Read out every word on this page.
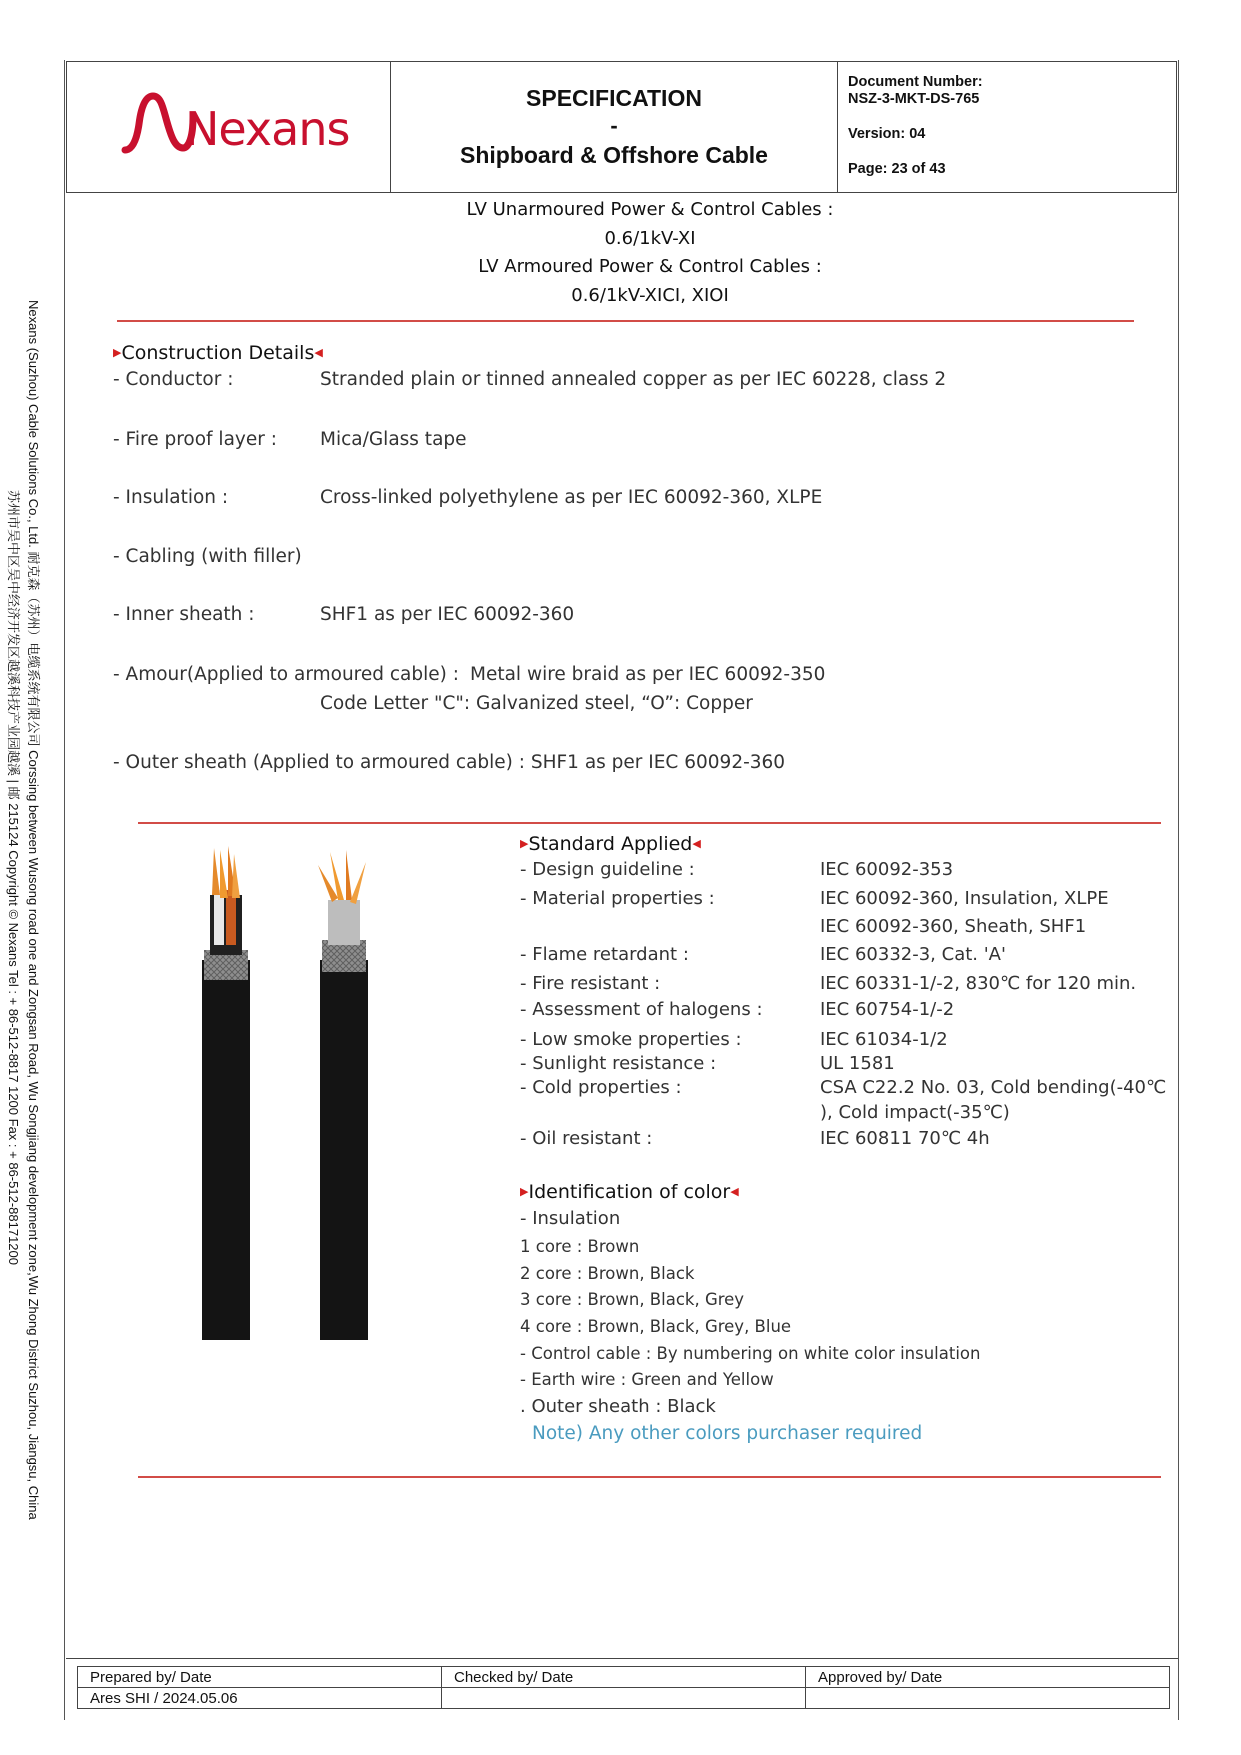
Nexans
SPECIFICATION
-
Shipboard & Offshore Cable
Document Number:
NSZ-3-MKT-DS-765
Version: 04
Page: 23 of 43
Nexans (Suzhou) Cable Solutions Co., Ltd. 耐克森（苏州）电缆系统有限公司 Corssing between Wusong road one and Zongsan Road, Wu Songjiang development zone,Wu Zhong District Suzhou, Jiangsu, China
苏州市吴中区吴中经济开发区越溪科技产业园越溪 | 邮 215124 Copyright © Nexans Tel : + 86-512-8817 1200 Fax : + 86-512-88171200
LV Unarmoured Power & Control Cables :
0.6/1kV-XI
LV Armoured Power & Control Cables :
0.6/1kV-XICI, XIOI
▶Construction Details◀
- Conductor :	Stranded plain or tinned annealed copper as per IEC 60228, class 2
- Fire proof layer : Mica/Glass tape
- Insulation :	Cross-linked polyethylene as per IEC 60092-360, XLPE
- Cabling (with filler)
- Inner sheath :	SHF1 as per IEC 60092-360
- Amour(Applied to armoured cable) : Metal wire braid as per IEC 60092-350
Code Letter "C": Galvanized steel, “O”: Copper
- Outer sheath (Applied to armoured cable) : SHF1 as per IEC 60092-360
▶Standard Applied◀
- Design guideline :	IEC 60092-353
- Material properties :	IEC 60092-360, Insulation, XLPE
IEC 60092-360, Sheath, SHF1
- Flame retardant :	IEC 60332-3, Cat. 'A'
- Fire resistant :	IEC 60331-1/-2, 830℃ for 120 min.
- Assessment of halogens :	IEC 60754-1/-2
- Low smoke properties :	IEC 61034-1/2
- Sunlight resistance :	UL 1581
- Cold properties :	CSA C22.2 No. 03, Cold bending(-40℃
), Cold impact(-35℃)
- Oil resistant :	IEC 60811 70℃ 4h
▶Identification of color◀
- Insulation
1 core : Brown
2 core : Brown, Black
3 core : Brown, Black, Grey
4 core : Brown, Black, Grey, Blue
- Control cable : By numbering on white color insulation
- Earth wire : Green and Yellow
. Outer sheath : Black
Note) Any other colors purchaser required
Prepared by/ Date	Checked by/ Date	Approved by/ Date
Ares SHI / 2024.05.06		
